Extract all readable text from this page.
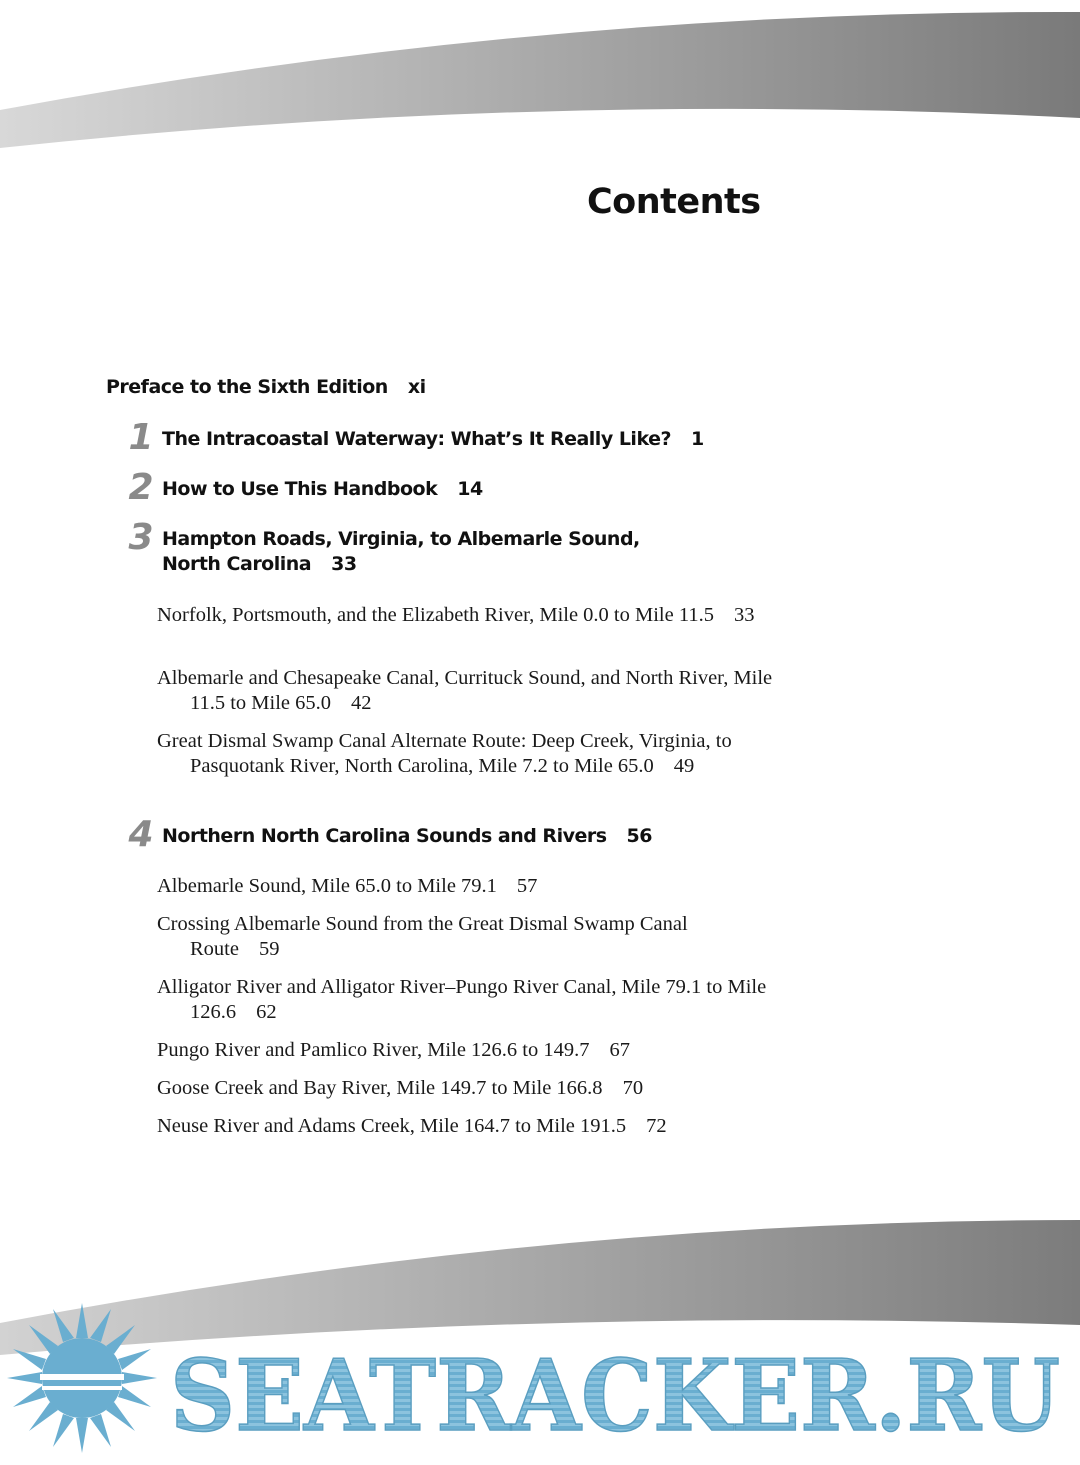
Contents
Preface to the Sixth Edition xi
1 The Intracoastal Waterway: What’s It Really Like? 1
2 How to Use This Handbook 14
3 Hampton Roads, Virginia, to Albemarle Sound, North Carolina 33
Norfolk, Portsmouth, and the Elizabeth River, Mile 0.0 to Mile 11.5 33
Albemarle and Chesapeake Canal, Currituck Sound, and North River, Mile 11.5 to Mile 65.0 42
Great Dismal Swamp Canal Alternate Route: Deep Creek, Virginia, to Pasquotank River, North Carolina, Mile 7.2 to Mile 65.0 49
4 Northern North Carolina Sounds and Rivers 56
Albemarle Sound, Mile 65.0 to Mile 79.1 57
Crossing Albemarle Sound from the Great Dismal Swamp Canal Route 59
Alligator River and Alligator River–Pungo River Canal, Mile 79.1 to Mile 126.6 62
Pungo River and Pamlico River, Mile 126.6 to 149.7 67
Goose Creek and Bay River, Mile 149.7 to Mile 166.8 70
Neuse River and Adams Creek, Mile 164.7 to Mile 191.5 72
SEATRACKER.RU
